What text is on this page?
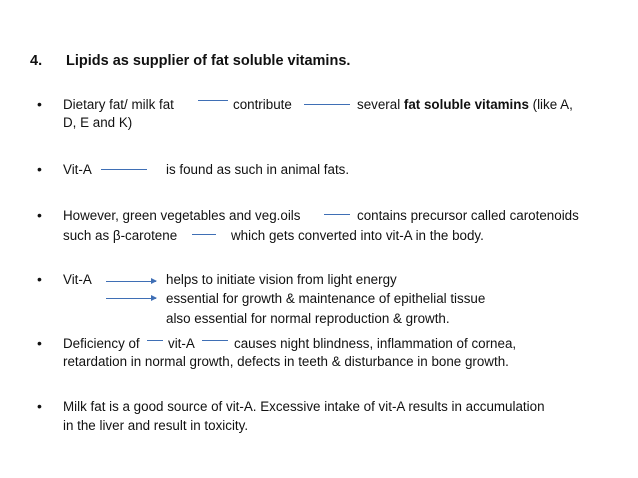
4. Lipids as supplier of fat soluble vitamins.
• Dietary fat/ milk fat	contribute	several fat soluble vitamins (like A,
D, E and K)
• Vit-A	is found as such in animal fats.
• However, green vegetables and veg.oils	contains precursor called carotenoids
such as β-carotene	which gets converted into vit-A in the body.
• Vit-A	helps to initiate vision from light energy
essential for growth & maintenance of epithelial tissue
also essential for normal reproduction & growth.
• Deficiency of vit-A	causes night blindness, inflammation of cornea,
retardation in normal growth, defects in teeth & disturbance in bone growth.
• Milk fat is a good source of vit-A. Excessive intake of vit-A results in accumulation
in the liver and result in toxicity.
